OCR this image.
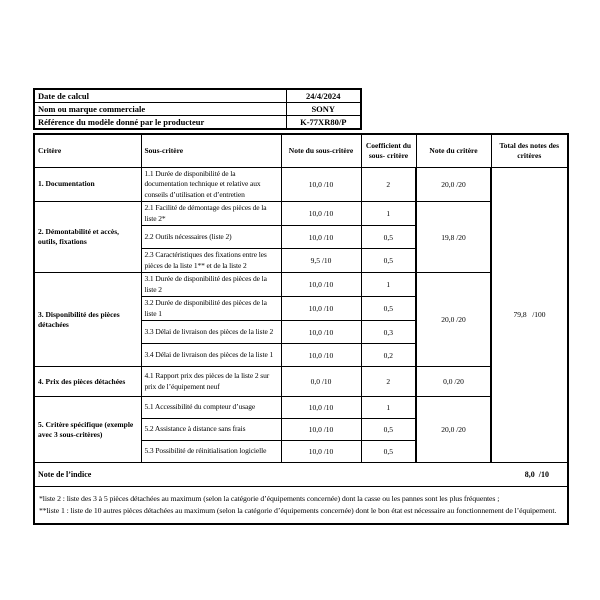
Date de calcul	24/4/2024
Nom ou marque commerciale	SONY
Référence du modèle donné par le producteur	K-77XR80/P
Critère	Sous-critère	Note du sous-critère	Coefficient du sous- critère	Note du critère	Total des notes des critères
1. Documentation	1.1 Durée de disponibilité de la documentation technique et relative aux conseils d’utilisation et d’entretien	10,0 /10	2	20,0 /20	79,8   /100
2. Démontabilité et accès, outils, fixations	2.1 Facilité de démontage des pièces de la liste 2*	10,0 /10	1	19,8 /20	
	2.2 Outils nécessaires (liste 2)	10,0 /10	0,5		
	2.3 Caractéristiques des fixations entre les pièces de la liste 1** et de la liste 2	9,5 /10	0,5		
3. Disponibilité des pièces détachées	3.1 Durée de disponibilité des pièces de la liste 2	10,0 /10	1	20,0 /20	
	3.2 Durée de disponibilité des pièces de la liste 1	10,0 /10	0,5		
	3.3 Délai de livraison des pièces de la liste 2	10,0 /10	0,3		
	3.4 Délai de livraison des pièces de la liste 1	10,0 /10	0,2		
4. Prix des pièces détachées	4.1 Rapport prix des pièces de la liste 2 sur prix de l’équipement neuf	0,0 /10	2	0,0 /20	
5. Critère spécifique (exemple avec 3 sous-critères)	5.1 Accessibilité du compteur d’usage	10,0 /10	1	20,0 /20	
	5.2 Assistance à distance sans frais	10,0 /10	0,5		
	5.3 Possibilité de réinitialisation logicielle	10,0 /10	0,5		

Note de l’indice 8,0  /10					

*liste 2 : liste des 3 à 5 pièces détachées au maximum (selon la catégorie d’équipements concernée) dont la casse ou les pannes sont les plus fréquentes ;
**liste 1 : liste de 10 autres pièces détachées au maximum (selon la catégorie d’équipements concernée) dont le bon état est nécessaire au fonctionnement de l’équipement.					
